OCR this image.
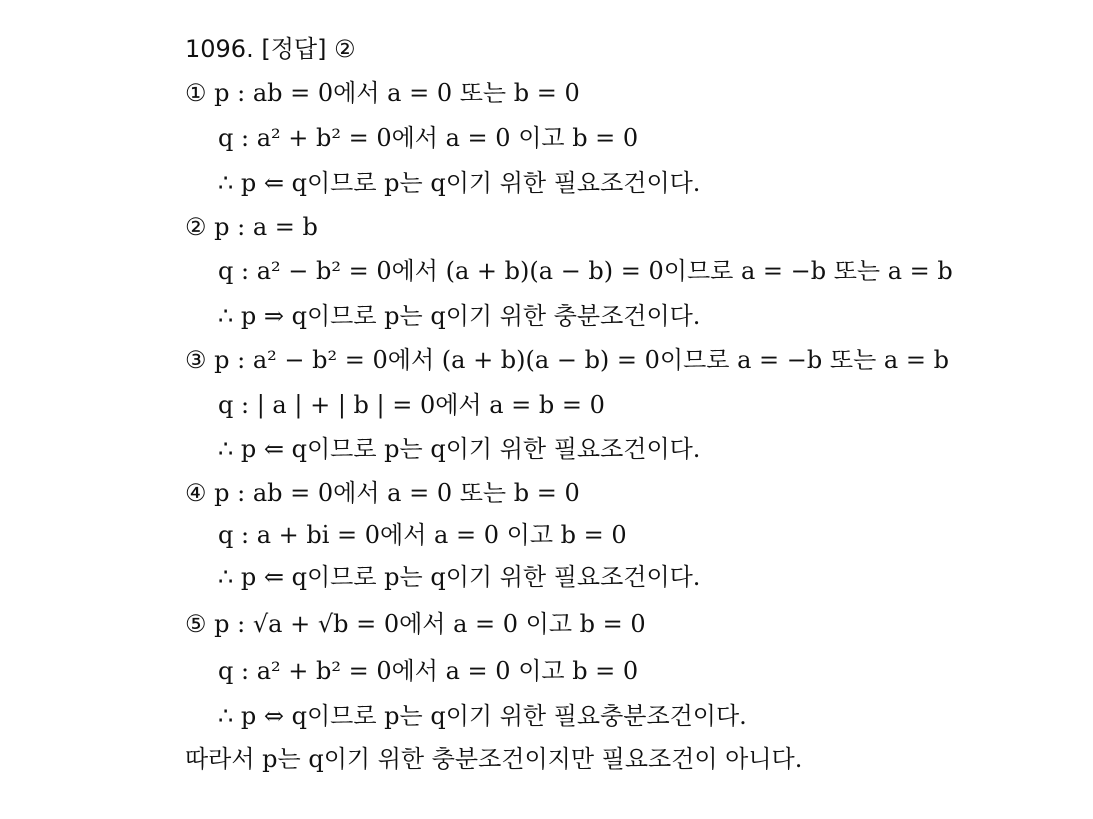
1096. [정답] ②
① p : ab = 0에서 a = 0 또는 b = 0
q : a² + b² = 0에서 a = 0 이고 b = 0
∴ p ⇐ q이므로 p는 q이기 위한 필요조건이다.
② p : a = b
q : a² − b² = 0에서 (a + b)(a − b) = 0이므로 a = −b 또는 a = b
∴ p ⇒ q이므로 p는 q이기 위한 충분조건이다.
③ p : a² − b² = 0에서 (a + b)(a − b) = 0이므로 a = −b 또는 a = b
q : | a | + | b | = 0에서 a = b = 0
∴ p ⇐ q이므로 p는 q이기 위한 필요조건이다.
④ p : ab = 0에서 a = 0 또는 b = 0
q : a + bi = 0에서 a = 0 이고 b = 0
∴ p ⇐ q이므로 p는 q이기 위한 필요조건이다.
⑤ p : √a + √b = 0에서 a = 0 이고 b = 0
q : a² + b² = 0에서 a = 0 이고 b = 0
∴ p ⇔ q이므로 p는 q이기 위한 필요충분조건이다.
따라서 p는 q이기 위한 충분조건이지만 필요조건이 아니다.
